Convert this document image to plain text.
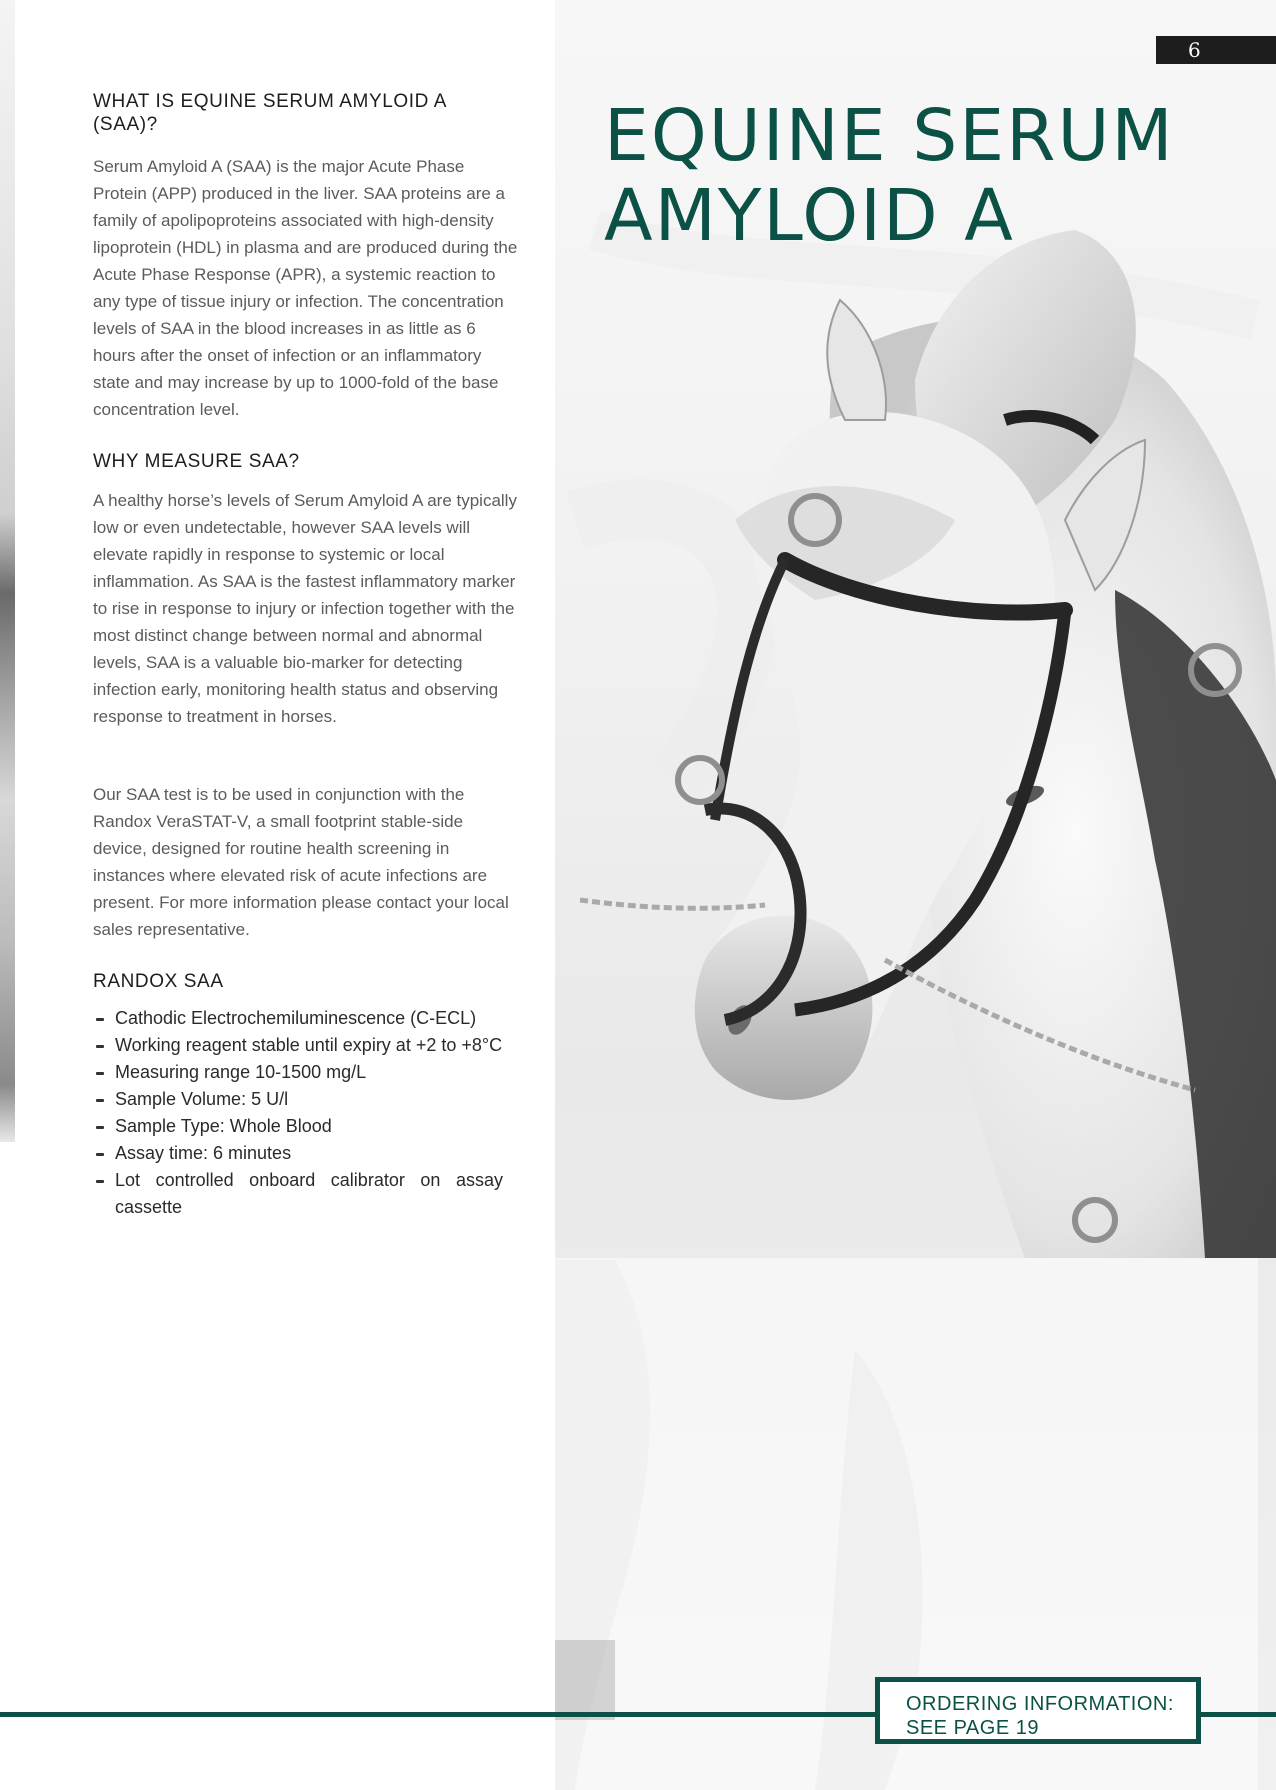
6
EQUINE SERUM
AMYLOID A
WHAT IS EQUINE SERUM AMYLOID A (SAA)?

Serum Amyloid A (SAA) is the major Acute Phase Protein (APP) produced in the liver. SAA proteins are a family of apolipoproteins associated with high-density lipoprotein (HDL) in plasma and are produced during the Acute Phase Response (APR), a systemic reaction to any type of tissue injury or infection. The concentration levels of SAA in the blood increases in as little as 6 hours after the onset of infection or an inflammatory state and may increase by up to 1000-fold of the base concentration level.

WHY MEASURE SAA?

A healthy horse’s levels of Serum Amyloid A are typically low or even undetectable, however SAA levels will elevate rapidly in response to systemic or local inflammation. As SAA is the fastest inflammatory marker to rise in response to injury or infection together with the most distinct change between normal and abnormal levels, SAA is a valuable bio-marker for detecting infection early, monitoring health status and observing response to treatment in horses.

Our SAA test is to be used in conjunction with the Randox VeraSTAT-V, a small footprint stable-side device, designed for routine health screening in instances where elevated risk of acute infections are present. For more information please contact your local sales representative.

RANDOX SAA
Cathodic Electrochemiluminescence (C-ECL)
Working reagent stable until expiry at +2 to +8°C
Measuring range 10-1500 mg/L
Sample Volume: 5 U/l
Sample Type: Whole Blood
Assay time: 6 minutes
Lot controlled onboard calibrator on assay cassette
ORDERING INFORMATION:
SEE PAGE 19
